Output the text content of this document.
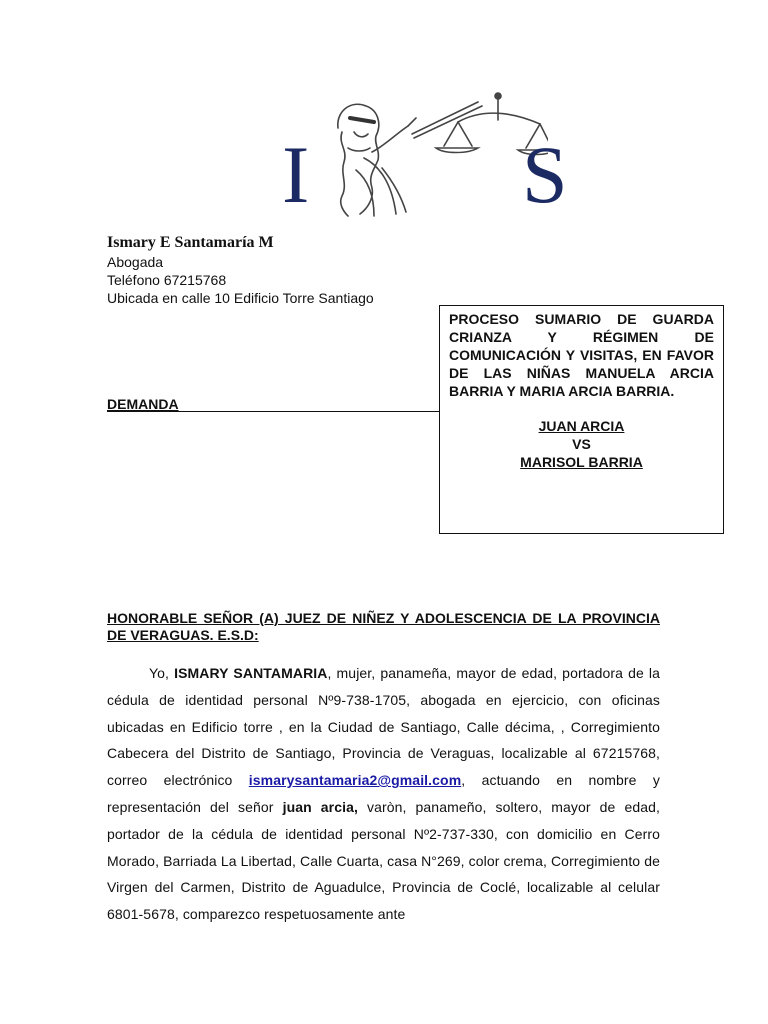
I	S
Ismary E Santamaría M
Abogada
Teléfono 67215768
Ubicada en calle 10 Edificio Torre Santiago
DEMANDA
PROCESO SUMARIO DE GUARDA CRIANZA Y RÉGIMEN DE COMUNICACIÓN Y VISITAS, EN FAVOR DE LAS NIÑAS MANUELA ARCIA BARRIA Y MARIA ARCIA BARRIA.
JUAN ARCIA
VS
MARISOL BARRIA
HONORABLE SEÑOR (A) JUEZ DE NIÑEZ Y ADOLESCENCIA DE LA PROVINCIA DE VERAGUAS. E.S.D:
Yo, ISMARY SANTAMARIA, mujer, panameña, mayor de edad, portadora de la cédula de identidad personal Nº9-738-1705, abogada en ejercicio, con oficinas ubicadas en Edificio torre , en la Ciudad de Santiago, Calle décima, , Corregimiento Cabecera del Distrito de Santiago, Provincia de Veraguas, localizable al 67215768, correo electrónico ismarysantamaria2@gmail.com, actuando en nombre y representación del señor juan arcia, varòn, panameño, soltero, mayor de edad, portador de la cédula de identidad personal Nº2-737-330, con domicilio en Cerro Morado, Barriada La Libertad, Calle Cuarta, casa N°269, color crema, Corregimiento de Virgen del Carmen, Distrito de Aguadulce, Provincia de Coclé, localizable al celular 6801-5678, comparezco respetuosamente ante
